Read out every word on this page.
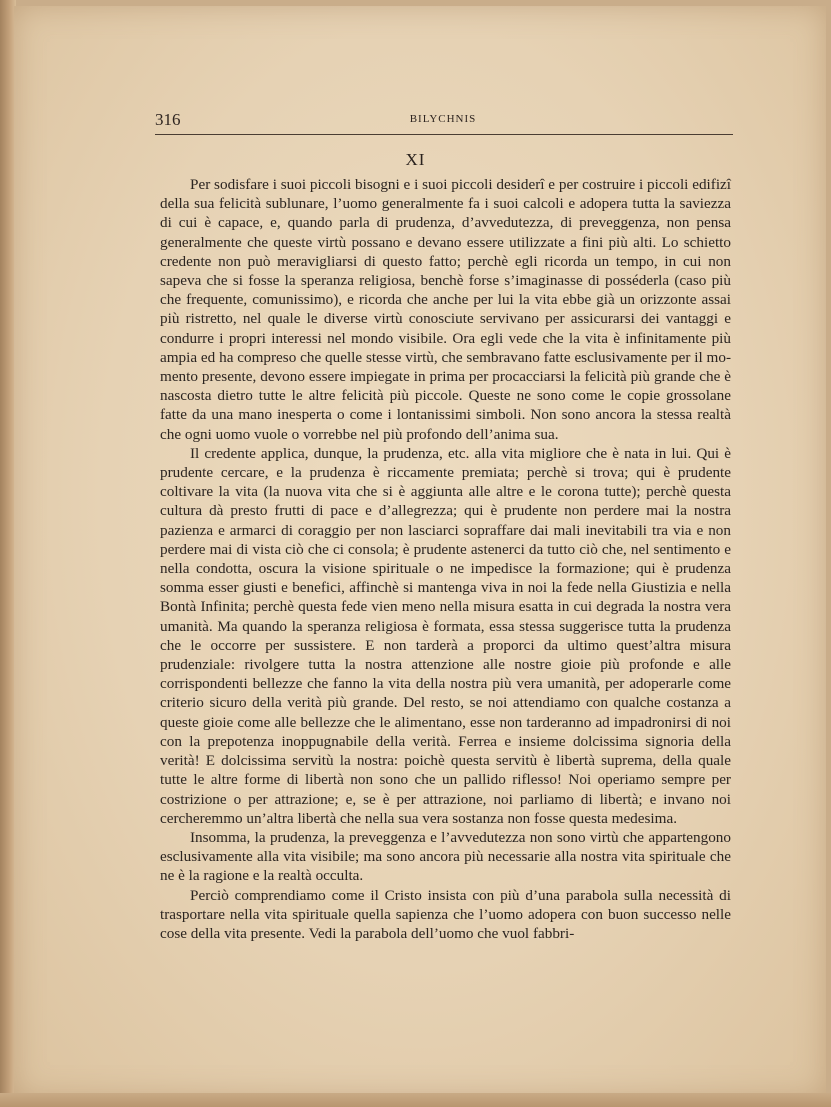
316	BILYCHNIS
XI

Per sodisfare i suoi piccoli bisogni e i suoi piccoli desiderî e per costruire i piccoli edifizî della sua felicità sublunare, l’uomo generalmente fa i suoi calcoli e adopera tutta la saviezza di cui è capace, e, quando parla di prudenza, d’avvedutezza, di preveggenza, non pensa generalmente che queste virtù possano e devano essere utilizzate a fini più alti. Lo schietto credente non può meravigliarsi di questo fatto; perchè egli ricorda un tempo, in cui non sapeva che si fosse la speranza religiosa, benchè forse s’imaginasse di posséderla (caso più che frequente, comunissimo), e ricorda che anche per lui la vita ebbe già un orizzonte assai più ristretto, nel quale le diverse virtù conosciute servivano per assicurarsi dei vantaggi e condurre i propri interessi nel mondo visibile. Ora egli vede che la vita è infinitamente più ampia ed ha compreso che quelle stesse virtù, che sembravano fatte esclusivamente per il momento presente, devono essere impiegate in prima per procacciarsi la felicità più grande che è nascosta dietro tutte le altre felicità più piccole. Queste ne sono come le copie grossolane fatte da una mano inesperta o come i lontanissimi simboli. Non sono ancora la stessa realtà che ogni uomo vuole o vorrebbe nel più profondo dell’anima sua.

Il credente applica, dunque, la prudenza, etc. alla vita migliore che è nata in lui. Qui è prudente cercare, e la prudenza è riccamente premiata; perchè si trova; qui è prudente coltivare la vita (la nuova vita che si è aggiunta alle altre e le corona tutte); perchè questa cultura dà presto frutti di pace e d’allegrezza; qui è prudente non perdere mai la nostra pazienza e armarci di coraggio per non lasciarci sopraffare dai mali inevitabili tra via e non perdere mai di vista ciò che ci consola; è prudente astenerci da tutto ciò che, nel sentimento e nella condotta, oscura la visione spirituale o ne impedisce la formazione; qui è prudenza somma esser giusti e benefici, affinchè si mantenga viva in noi la fede nella Giustizia e nella Bontà Infinita; perchè questa fede vien meno nella misura esatta in cui degrada la nostra vera umanità. Ma quando la speranza religiosa è formata, essa stessa suggerisce tutta la prudenza che le occorre per sussistere. E non tarderà a proporci da ultimo quest’altra misura prudenziale: rivolgere tutta la nostra attenzione alle nostre gioie più profonde e alle corrispondenti bellezze che fanno la vita della nostra più vera umanità, per adoperarle come criterio sicuro della verità più grande. Del resto, se noi attendiamo con qualche costanza a queste gioie come alle bellezze che le alimentano, esse non tarderanno ad impadronirsi di noi con la prepotenza inoppugnabile della verità. Ferrea e insieme dolcissima signoria della verità! E dolcissima servitù la nostra: poichè questa servitù è libertà suprema, della quale tutte le altre forme di libertà non sono che un pallido riflesso! Noi operiamo sempre per costrizione o per attrazione; e, se è per attrazione, noi parliamo di libertà; e invano noi cercheremmo un’altra libertà che nella sua vera sostanza non fosse questa medesima.

Insomma, la prudenza, la preveggenza e l’avvedutezza non sono virtù che appartengono esclusivamente alla vita visibile; ma sono ancora più necessarie alla nostra vita spirituale che ne è la ragione e la realtà occulta.

Perciò comprendiamo come il Cristo insista con più d’una parabola sulla necessità di trasportare nella vita spirituale quella sapienza che l’uomo adopera con buon successo nelle cose della vita presente. Vedi la parabola dell’uomo che vuol fabbri-
